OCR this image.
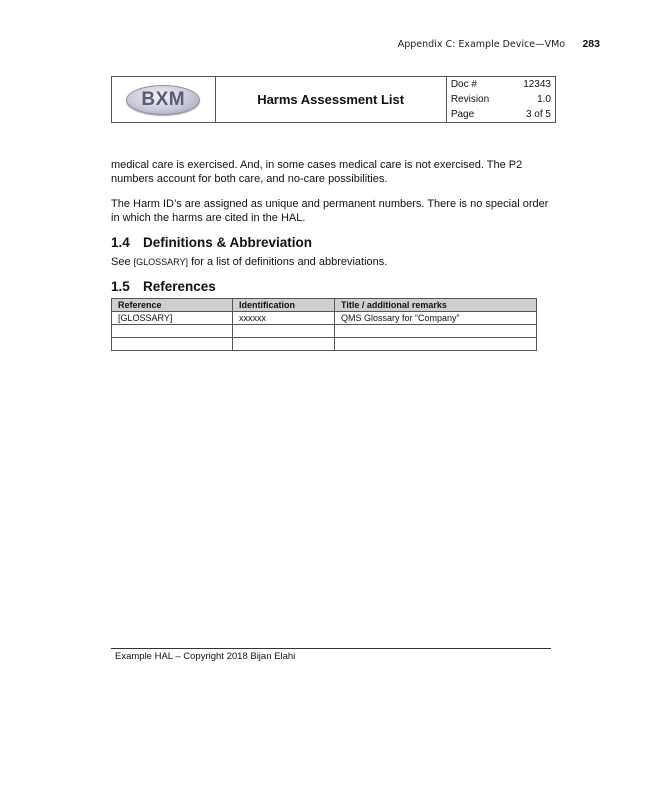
Appendix C: Example Device—VMo 283
BXM	Harms Assessment List	
Doc #	12343
Revision	1.0
Page	3 of 5
medical care is exercised. And, in some cases medical care is not exercised. The P2 numbers account for both care, and no-care possibilities.
The Harm ID’s are assigned as unique and permanent numbers. There is no special order in which the harms are cited in the HAL.
1.4 Definitions & Abbreviation
See [GLOSSARY] for a list of definitions and abbreviations.
1.5 References
Reference	Identification	Title / additional remarks
[GLOSSARY]	xxxxxx	QMS Glossary for “Company”

Example HAL – Copyright 2018 Bijan Elahi
